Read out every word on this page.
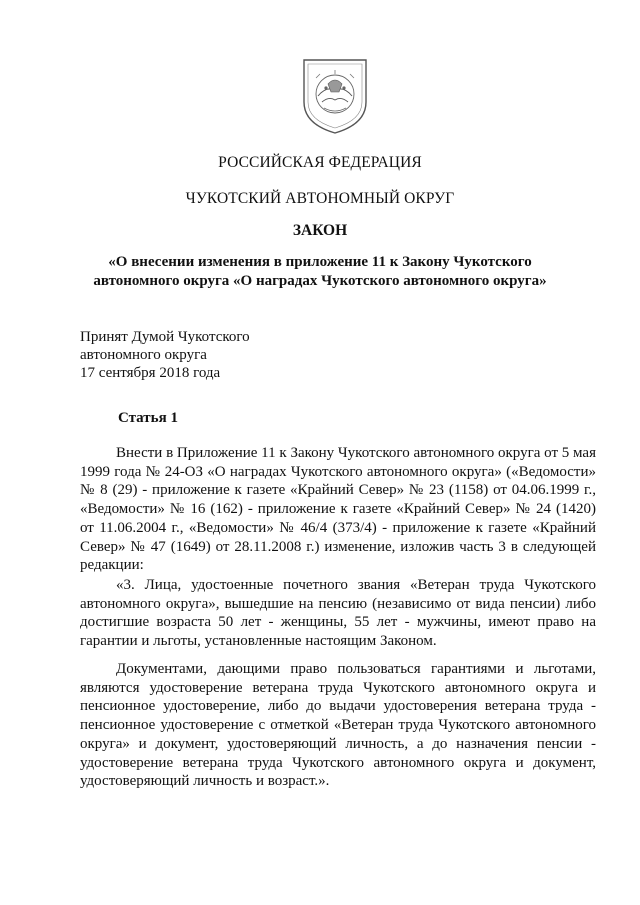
РОССИЙСКАЯ ФЕДЕРАЦИЯ
ЧУКОТСКИЙ АВТОНОМНЫЙ ОКРУГ
ЗАКОН
«О внесении изменения в приложение 11 к Закону Чукотского
автономного округа «О наградах Чукотского автономного округа»
Принят Думой Чукотского
автономного округа
17 сентября 2018 года
Статья 1

Внести в Приложение 11 к Закону Чукотского автономного округа от 5 мая 1999 года № 24-ОЗ «О наградах Чукотского автономного округа» («Ведомости» № 8 (29) - приложение к газете «Крайний Север» № 23 (1158) от 04.06.1999 г., «Ведомости» № 16 (162) - приложение к газете «Крайний Север» № 24 (1420) от 11.06.2004 г., «Ведомости» № 46/4 (373/4) - приложение к газете «Крайний Север» № 47 (1649) от 28.11.2008 г.) изменение, изложив часть 3 в следующей редакции:

«3. Лица, удостоенные почетного звания «Ветеран труда Чукотского автономного округа», вышедшие на пенсию (независимо от вида пенсии) либо достигшие возраста 50 лет - женщины, 55 лет - мужчины, имеют право на гарантии и льготы, установленные настоящим Законом.

Документами, дающими право пользоваться гарантиями и льготами, являются удостоверение ветерана труда Чукотского автономного округа и пенсионное удостоверение, либо до выдачи удостоверения ветерана труда - пенсионное удостоверение с отметкой «Ветеран труда Чукотского автономного округа» и документ, удостоверяющий личность, а до назначения пенсии - удостоверение ветерана труда Чукотского автономного округа и документ, удостоверяющий личность и возраст.».
